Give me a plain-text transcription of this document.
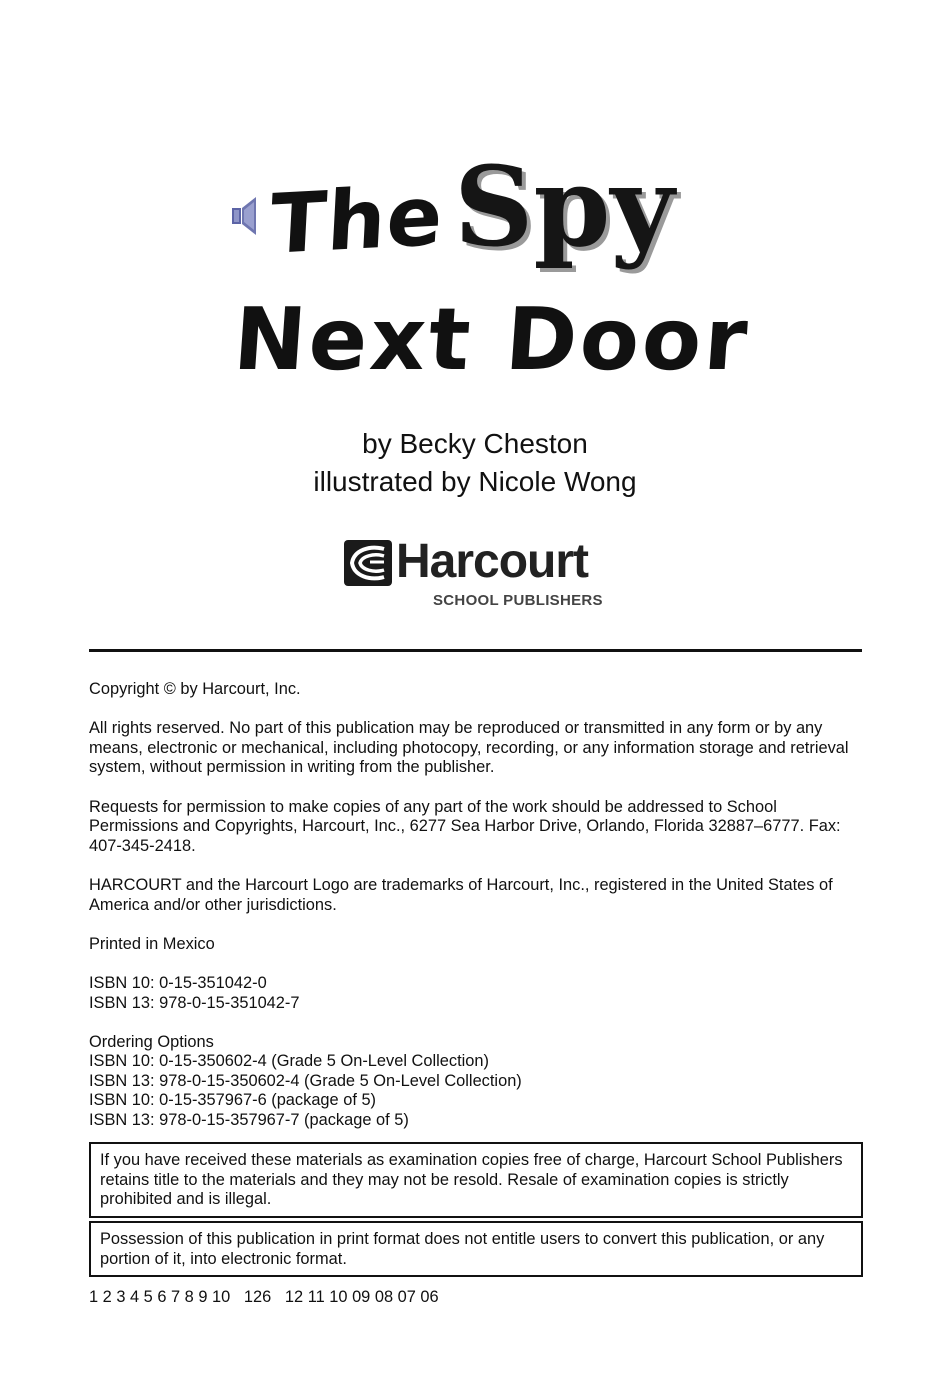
The Spy
Next Door
by Becky Cheston
illustrated by Nicole Wong
Harcourt
SCHOOL PUBLISHERS

Copyright © by Harcourt, Inc.

All rights reserved. No part of this publication may be reproduced or transmitted in any form or by any means, electronic or mechanical, including photocopy, recording, or any information storage and retrieval system, without permission in writing from the publisher.

Requests for permission to make copies of any part of the work should be addressed to School Permissions and Copyrights, Harcourt, Inc., 6277 Sea Harbor Drive, Orlando, Florida 32887–6777. Fax: 407-345-2418.

HARCOURT and the Harcourt Logo are trademarks of Harcourt, Inc., registered in the United States of America and/or other jurisdictions.

Printed in Mexico

ISBN 10: 0-15-351042-0
ISBN 13: 978-0-15-351042-7

Ordering Options
ISBN 10: 0-15-350602-4 (Grade 5 On-Level Collection)
ISBN 13: 978-0-15-350602-4 (Grade 5 On-Level Collection)
ISBN 10: 0-15-357967-6 (package of 5)
ISBN 13: 978-0-15-357967-7 (package of 5)

If you have received these materials as examination copies free of charge, Harcourt School Publishers retains title to the materials and they may not be resold. Resale of examination copies is strictly prohibited and is illegal.
Possession of this publication in print format does not entitle users to convert this publication, or any portion of it, into electronic format.
1 2 3 4 5 6 7 8 9 10   126   12 11 10 09 08 07 06
